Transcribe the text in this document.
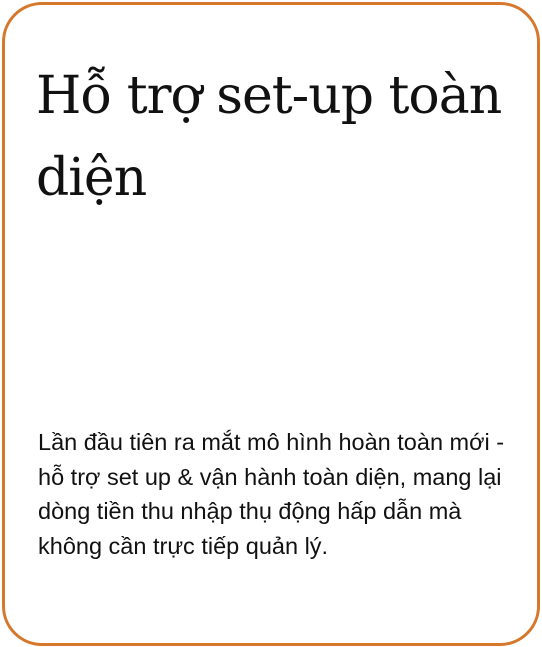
Hỗ trợ set-up toàn diện

Lần đầu tiên ra mắt mô hình hoàn toàn mới - hỗ trợ set up & vận hành toàn diện, mang lại dòng tiền thu nhập thụ động hấp dẫn mà không cần trực tiếp quản lý.
